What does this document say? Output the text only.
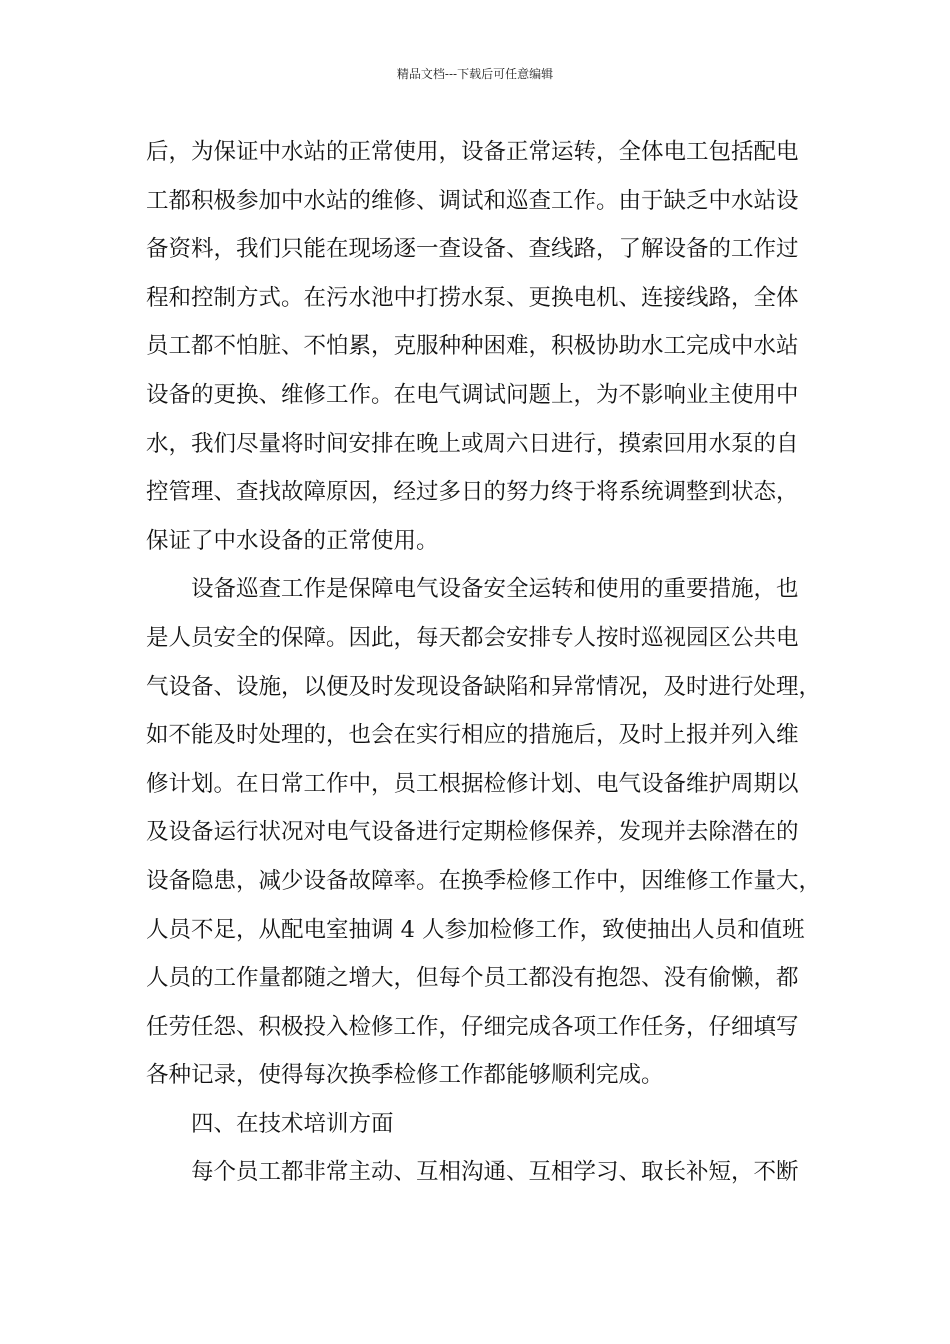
精品文档---下载后可任意编辑
后，为保证中水站的正常使用，设备正常运转，全体电工包括配电
工都积极参加中水站的维修、调试和巡查工作。由于缺乏中水站设
备资料，我们只能在现场逐一查设备、查线路，了解设备的工作过
程和控制方式。在污水池中打捞水泵、更换电机、连接线路，全体
员工都不怕脏、不怕累，克服种种困难，积极协助水工完成中水站
设备的更换、维修工作。在电气调试问题上，为不影响业主使用中
水，我们尽量将时间安排在晚上或周六日进行，摸索回用水泵的自
控管理、查找故障原因，经过多日的努力终于将系统调整到状态，
保证了中水设备的正常使用。
设备巡查工作是保障电气设备安全运转和使用的重要措施，也
是人员安全的保障。因此，每天都会安排专人按时巡视园区公共电
气设备、设施，以便及时发现设备缺陷和异常情况，及时进行处理，
如不能及时处理的，也会在实行相应的措施后，及时上报并列入维
修计划。在日常工作中，员工根据检修计划、电气设备维护周期以
及设备运行状况对电气设备进行定期检修保养，发现并去除潜在的
设备隐患，减少设备故障率。在换季检修工作中，因维修工作量大，
人员不足，从配电室抽调 4 人参加检修工作，致使抽出人员和值班
人员的工作量都随之增大，但每个员工都没有抱怨、没有偷懒，都
任劳任怨、积极投入检修工作，仔细完成各项工作任务，仔细填写
各种记录，使得每次换季检修工作都能够顺利完成。
四、在技术培训方面
每个员工都非常主动、互相沟通、互相学习、取长补短，不断
